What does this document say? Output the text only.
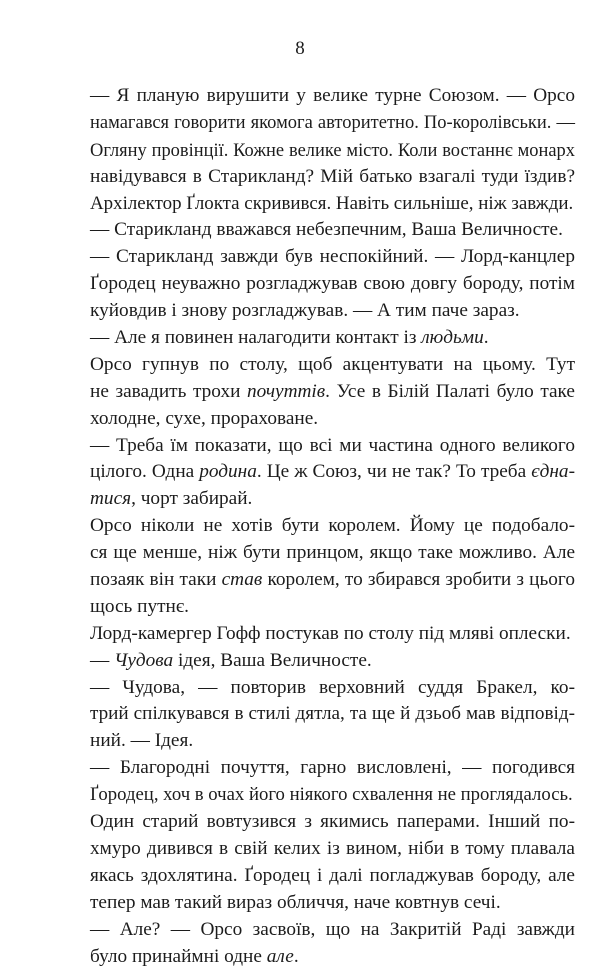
8
— Я планую вирушити у велике турне Союзом. — Орсо
намагався говорити якомога авторитетно. По-королівськи. —
Огляну провінції. Кожне велике місто. Коли востаннє монарх
навідувався в Старикланд? Мій батько взагалі туди їздив?
Архілектор Ґлокта скривився. Навіть сильніше, ніж завжди.
— Старикланд вважався небезпечним, Ваша Величносте.
— Старикланд завжди був неспокійний. — Лорд-канцлер
Ґородец неуважно розгладжував свою довгу бороду, потім
куйовдив і знову розгладжував. — А тим паче зараз.
— Але я повинен налагодити контакт із людьми.
Орсо гупнув по столу, щоб акцентувати на цьому. Тут
не завадить трохи почуттів. Усе в Білій Палаті було таке
холодне, сухе, прораховане.
— Треба їм показати, що всі ми частина одного великого
цілого. Одна родина. Це ж Союз, чи не так? То треба єдна-
тися, чорт забирай.
Орсо ніколи не хотів бути королем. Йому це подобало-
ся ще менше, ніж бути принцом, якщо таке можливо. Але
позаяк він таки став королем, то збирався зробити з цього
щось путнє.
Лорд-камергер Гофф постукав по столу під мляві оплески.
— Чудова ідея, Ваша Величносте.
— Чудова, — повторив верховний суддя Бракел, ко-
трий спілкувався в стилі дятла, та ще й дзьоб мав відповід-
ний. — Ідея.
— Благородні почуття, гарно висловлені, — погодився
Ґородец, хоч в очах його ніякого схвалення не проглядалось.
Один старий вовтузився з якимись паперами. Інший по-
хмуро дивився в свій келих із вином, ніби в тому плавала
якась здохлятина. Ґородец і далі погладжував бороду, але
тепер мав такий вираз обличчя, наче ковтнув сечі.
— Але? — Орсо засвоїв, що на Закритій Раді завжди
було принаймні одне але.
